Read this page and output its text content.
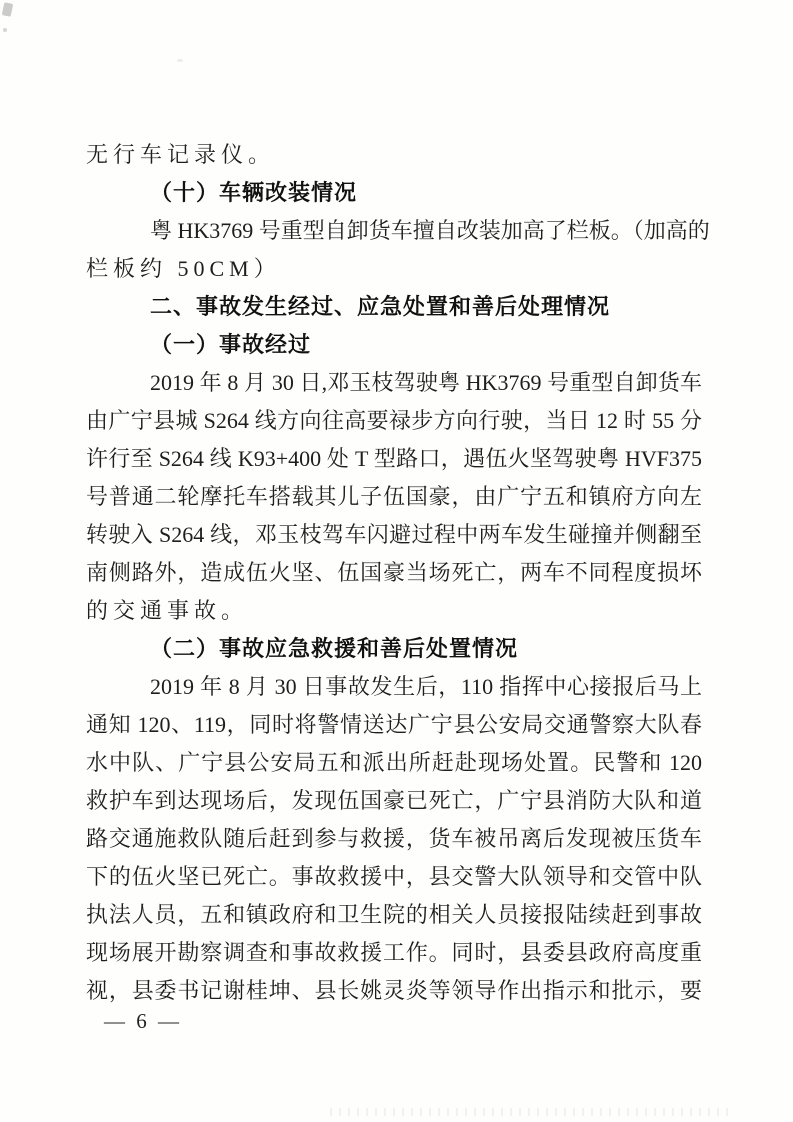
无行车记录仪。
（十）车辆改装情况
粤 HK3769 号重型自卸货车擅自改装加高了栏板。（加高的
栏板约 50CM）
二、事故发生经过、应急处置和善后处理情况
（一）事故经过
2019 年 8 月 30 日,邓玉枝驾驶粤 HK3769 号重型自卸货车
由广宁县城 S264 线方向往高要禄步方向行驶，当日 12 时 55 分
许行至 S264 线 K93+400 处 T 型路口，遇伍火坚驾驶粤 HVF375
号普通二轮摩托车搭载其儿子伍国豪，由广宁五和镇府方向左
转驶入 S264 线，邓玉枝驾车闪避过程中两车发生碰撞并侧翻至
南侧路外，造成伍火坚、伍国豪当场死亡，两车不同程度损坏
的交通事故。
（二）事故应急救援和善后处置情况
2019 年 8 月 30 日事故发生后，110 指挥中心接报后马上
通知 120、119，同时将警情送达广宁县公安局交通警察大队春
水中队、广宁县公安局五和派出所赶赴现场处置。民警和 120
救护车到达现场后，发现伍国豪已死亡，广宁县消防大队和道
路交通施救队随后赶到参与救援，货车被吊离后发现被压货车
下的伍火坚已死亡。事故救援中，县交警大队领导和交管中队
执法人员，五和镇政府和卫生院的相关人员接报陆续赶到事故
现场展开勘察调查和事故救援工作。同时，县委县政府高度重
视，县委书记谢桂坤、县长姚灵炎等领导作出指示和批示，要
— 6 —
